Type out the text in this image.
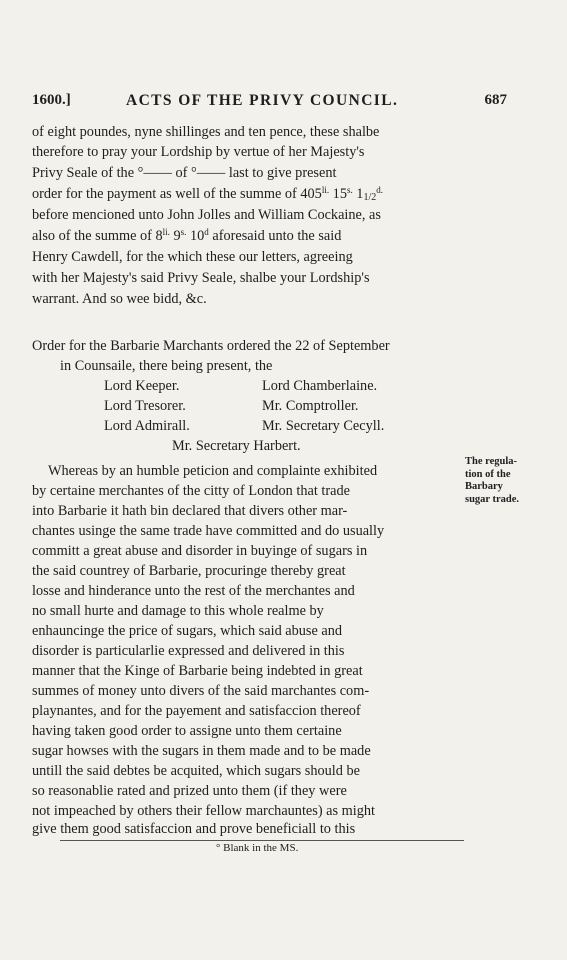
1600.]	ACTS OF THE PRIVY COUNCIL.	687
of eight poundes, nyne shillinges and ten pence, these shalbe
therefore to pray your Lordship by vertue of her Majesty's
Privy Seale of the °—— of °—— last to give present
order for the payment as well of the summe of $405^{li.}$ $15^{s.}$ $11/2^{d.}$
before mencioned unto John Jolles and William Cockaine, as
also of the summe of $8^{li.}$ $9^{s.}$ 10$^d$ aforesaid unto the said
Henry Cawdell, for the which these our letters, agreeing
with her Majesty's said Privy Seale, shalbe your Lordship's
warrant. And so wee bidd, &c.
Order for the Barbarie Marchants ordered the 22 of September
in Counsaile, there being present, the
Lord Keeper.	Lord Chamberlaine.
Lord Tresorer.	Mr. Comptroller.
Lord Admirall.	Mr. Secretary Cecyll.
Mr. Secretary Harbert.
Whereas by an humble peticion and complainte exhibited
by certaine merchantes of the citty of London that trade
into Barbarie it hath bin declared that divers other mar-
chantes usinge the same trade have committed and do usually
committ a great abuse and disorder in buyinge of sugars in
the said countrey of Barbarie, procuringe thereby great
losse and hinderance unto the rest of the merchantes and
no small hurte and damage to this whole realme by
enhauncinge the price of sugars, which said abuse and
disorder is particularlie expressed and delivered in this
manner that the Kinge of Barbarie being indebted in great
summes of money unto divers of the said marchantes com-
playnantes, and for the payement and satisfaccion thereof
having taken good order to assigne unto them certaine
sugar howses with the sugars in them made and to be made
untill the said debtes be acquited, which sugars should be
so reasonablie rated and prized unto them (if they were
not impeached by others their fellow marchauntes) as might
give them good satisfaccion and prove beneficiall to this
The regula-
tion of the
Barbary
sugar trade.
° Blank in the MS.
